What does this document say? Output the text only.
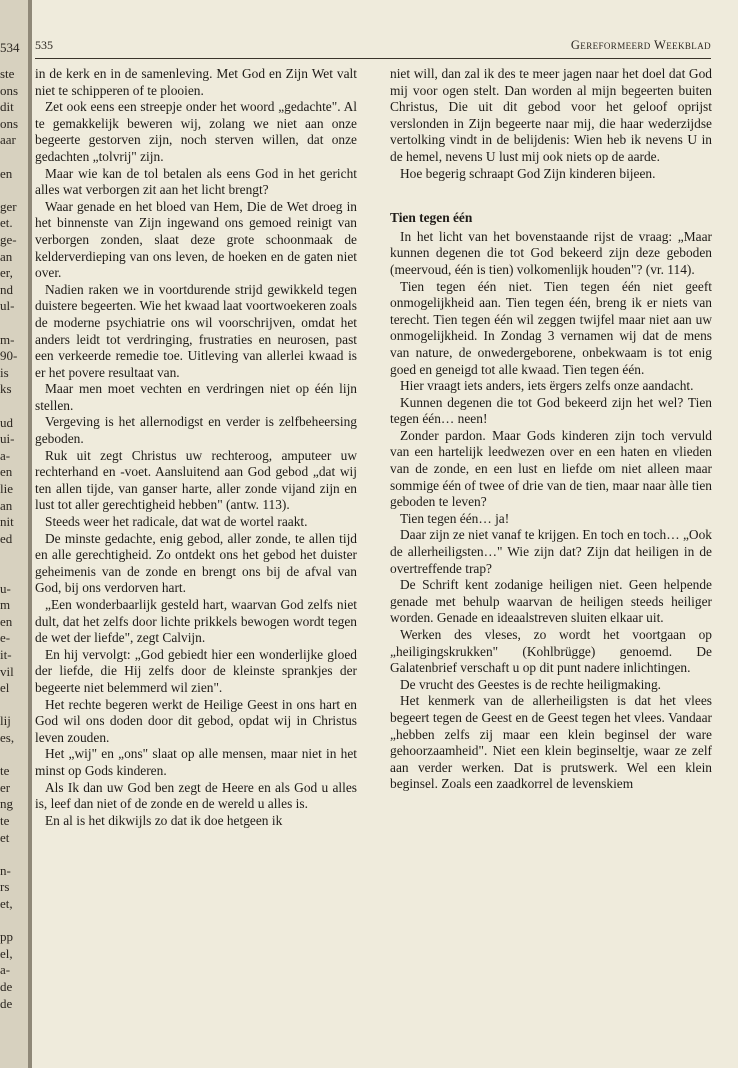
534
ste
ons
dit
ons
aar
en
ger
et.
ge-
an
er,
nd
ul-
m-
90-
is
ks
ud
ui-
a-
en
lie
an
nit
ed
u-
m
en
e-
it-
vil
el
lij
es,
te
er
ng
te
et
n-
rs
et,
pp
el,
a-
de
de
535	Gereformeerd Weekblad

in de kerk en in de samenleving. Met God en Zijn Wet valt niet te schipperen of te plooien.

Zet ook eens een streepje onder het woord „gedachte". Al te gemakkelijk beweren wij, zolang we niet aan onze begeerte gestorven zijn, noch sterven willen, dat onze gedachten „tolvrij" zijn.

Maar wie kan de tol betalen als eens God in het gericht alles wat verborgen zit aan het licht brengt?

Waar genade en het bloed van Hem, Die de Wet droeg in het binnenste van Zijn ingewand ons gemoed reinigt van verborgen zonden, slaat deze grote schoonmaak de kelderverdieping van ons leven, de hoeken en de gaten niet over.

Nadien raken we in voortdurende strijd gewikkeld tegen duistere begeerten. Wie het kwaad laat voortwoekeren zoals de moderne psychiatrie ons wil voorschrijven, omdat het anders leidt tot verdringing, frustraties en neurosen, past een verkeerde remedie toe. Uitleving van allerlei kwaad is er het povere resultaat van.

Maar men moet vechten en verdringen niet op één lijn stellen.

Vergeving is het allernodigst en verder is zelfbeheersing geboden.

Ruk uit zegt Christus uw rechteroog, amputeer uw rechterhand en -voet. Aansluitend aan God gebod „dat wij ten allen tijde, van ganser harte, aller zonde vijand zijn en lust tot aller gerechtigheid hebben" (antw. 113).

Steeds weer het radicale, dat wat de wortel raakt.

De minste gedachte, enig gebod, aller zonde, te allen tijd en alle gerechtigheid. Zo ontdekt ons het gebod het duister geheimenis van de zonde en brengt ons bij de afval van God, bij ons verdorven hart.

„Een wonderbaarlijk gesteld hart, waarvan God zelfs niet dult, dat het zelfs door lichte prikkels bewogen wordt tegen de wet der liefde", zegt Calvijn.

En hij vervolgt: „God gebiedt hier een wonderlijke gloed der liefde, die Hij zelfs door de kleinste sprankjes der begeerte niet belemmerd wil zien".

Het rechte begeren werkt de Heilige Geest in ons hart en God wil ons doden door dit gebod, opdat wij in Christus leven zouden.

Het „wij" en „ons" slaat op alle mensen, maar niet in het minst op Gods kinderen.

Als Ik dan uw God ben zegt de Heere en als God u alles is, leef dan niet of de zonde en de wereld u alles is.

En al is het dikwijls zo dat ik doe hetgeen ik

niet will, dan zal ik des te meer jagen naar het doel dat God mij voor ogen stelt. Dan worden al mijn begeerten buiten Christus, Die uit dit gebod voor het geloof oprijst verslonden in Zijn begeerte naar mij, die haar wederzijdse vertolking vindt in de belijdenis: Wien heb ik nevens U in de hemel, nevens U lust mij ook niets op de aarde.

Hoe begerig schraapt God Zijn kinderen bijeen.

Tien tegen één

In het licht van het bovenstaande rijst de vraag: „Maar kunnen degenen die tot God bekeerd zijn deze geboden (meervoud, één is tien) volkomenlijk houden"? (vr. 114).

Tien tegen één niet. Tien tegen één niet geeft onmogelijkheid aan. Tien tegen één, breng ik er niets van terecht. Tien tegen één wil zeggen twijfel maar niet aan uw onmogelijkheid. In Zondag 3 vernamen wij dat de mens van nature, de onwedergeborene, onbekwaam is tot enig goed en geneigd tot alle kwaad. Tien tegen één.

Hier vraagt iets anders, iets ërgers zelfs onze aandacht.

Kunnen degenen die tot God bekeerd zijn het wel? Tien tegen één… neen!

Zonder pardon. Maar Gods kinderen zijn toch vervuld van een hartelijk leedwezen over en een haten en vlieden van de zonde, en een lust en liefde om niet alleen maar sommige één of twee of drie van de tien, maar naar àlle tien geboden te leven?

Tien tegen één… ja!

Daar zijn ze niet vanaf te krijgen. En toch en toch… „Ook de allerheiligsten…" Wie zijn dat? Zijn dat heiligen in de overtreffende trap?

De Schrift kent zodanige heiligen niet. Geen helpende genade met behulp waarvan de heiligen steeds heiliger worden. Genade en ideaalstreven sluiten elkaar uit.

Werken des vleses, zo wordt het voortgaan op „heiligingskrukken" (Kohlbrügge) genoemd. De Galatenbrief verschaft u op dit punt nadere inlichtingen.

De vrucht des Geestes is de rechte heiligmaking.

Het kenmerk van de allerheiligsten is dat het vlees begeert tegen de Geest en de Geest tegen het vlees. Vandaar „hebben zelfs zij maar een klein beginsel der ware gehoorzaamheid". Niet een klein beginseltje, waar ze zelf aan verder werken. Dat is prutswerk. Wel een klein beginsel. Zoals een zaadkorrel de levenskiem
